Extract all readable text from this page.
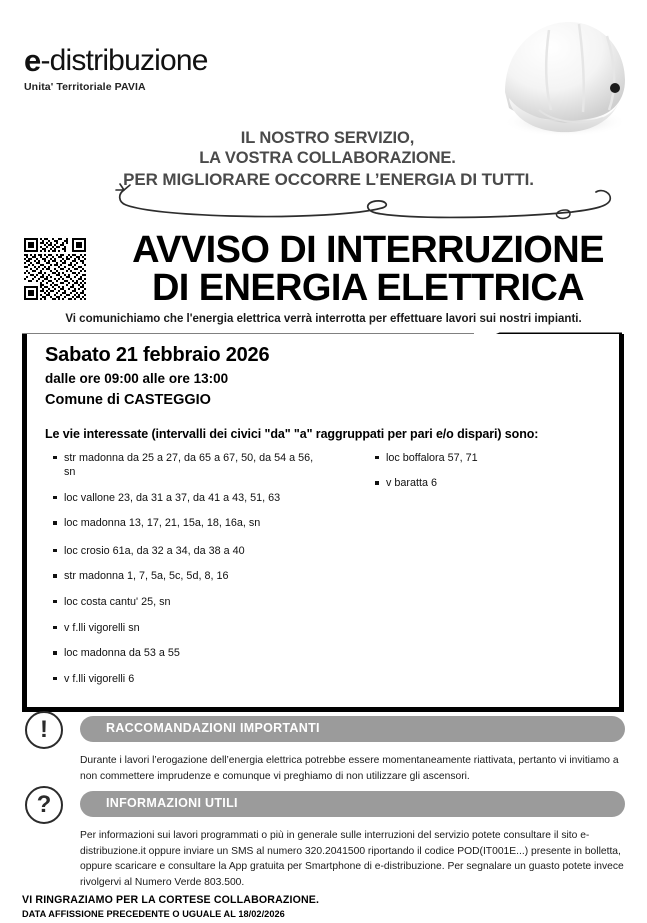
e-distribuzione
Unita' Territoriale PAVIA
IL NOSTRO SERVIZIO,
LA VOSTRA COLLABORAZIONE.
PER MIGLIORARE OCCORRE L’ENERGIA DI TUTTI.
AVVISO DI INTERRUZIONE
DI ENERGIA ELETTRICA
Vi comunichiamo che l'energia elettrica verrà interrotta per effettuare lavori sui nostri impianti.
Sabato 21 febbraio 2026
dalle ore 09:00 alle ore 13:00
Comune di CASTEGGIO
Le vie interessate (intervalli dei civici "da" "a" raggruppati per pari e/o dispari) sono:
str madonna da 25 a 27, da 65 a 67, 50, da 54 a 56, sn
loc vallone 23, da 31 a 37, da 41 a 43, 51, 63
loc madonna 13, 17, 21, 15a, 18, 16a, sn
loc crosio 61a, da 32 a 34, da 38 a 40
str madonna 1, 7, 5a, 5c, 5d, 8, 16
loc costa cantu' 25, sn
v f.lli vigorelli sn
loc madonna da 53 a 55
v f.lli vigorelli 6
loc boffalora 57, 71
v baratta 6
RACCOMANDAZIONI IMPORTANTI
!
Durante i lavori l’erogazione dell’energia elettrica potrebbe essere momentaneamente riattivata, pertanto vi invitiamo a non commettere imprudenze e comunque vi preghiamo di non utilizzare gli ascensori.
INFORMAZIONI UTILI
?
Per informazioni sui lavori programmati o più in generale sulle interruzioni del servizio potete consultare il sito e-distribuzione.it oppure inviare un SMS al numero 320.2041500 riportando il codice POD(IT001E...) presente in bolletta, oppure scaricare e consultare la App gratuita per Smartphone di e-distribuzione. Per segnalare un guasto potete invece rivolgervi al Numero Verde 803.500.
VI RINGRAZIAMO PER LA CORTESE COLLABORAZIONE.
DATA AFFISSIONE PRECEDENTE O UGUALE AL 18/02/2026
